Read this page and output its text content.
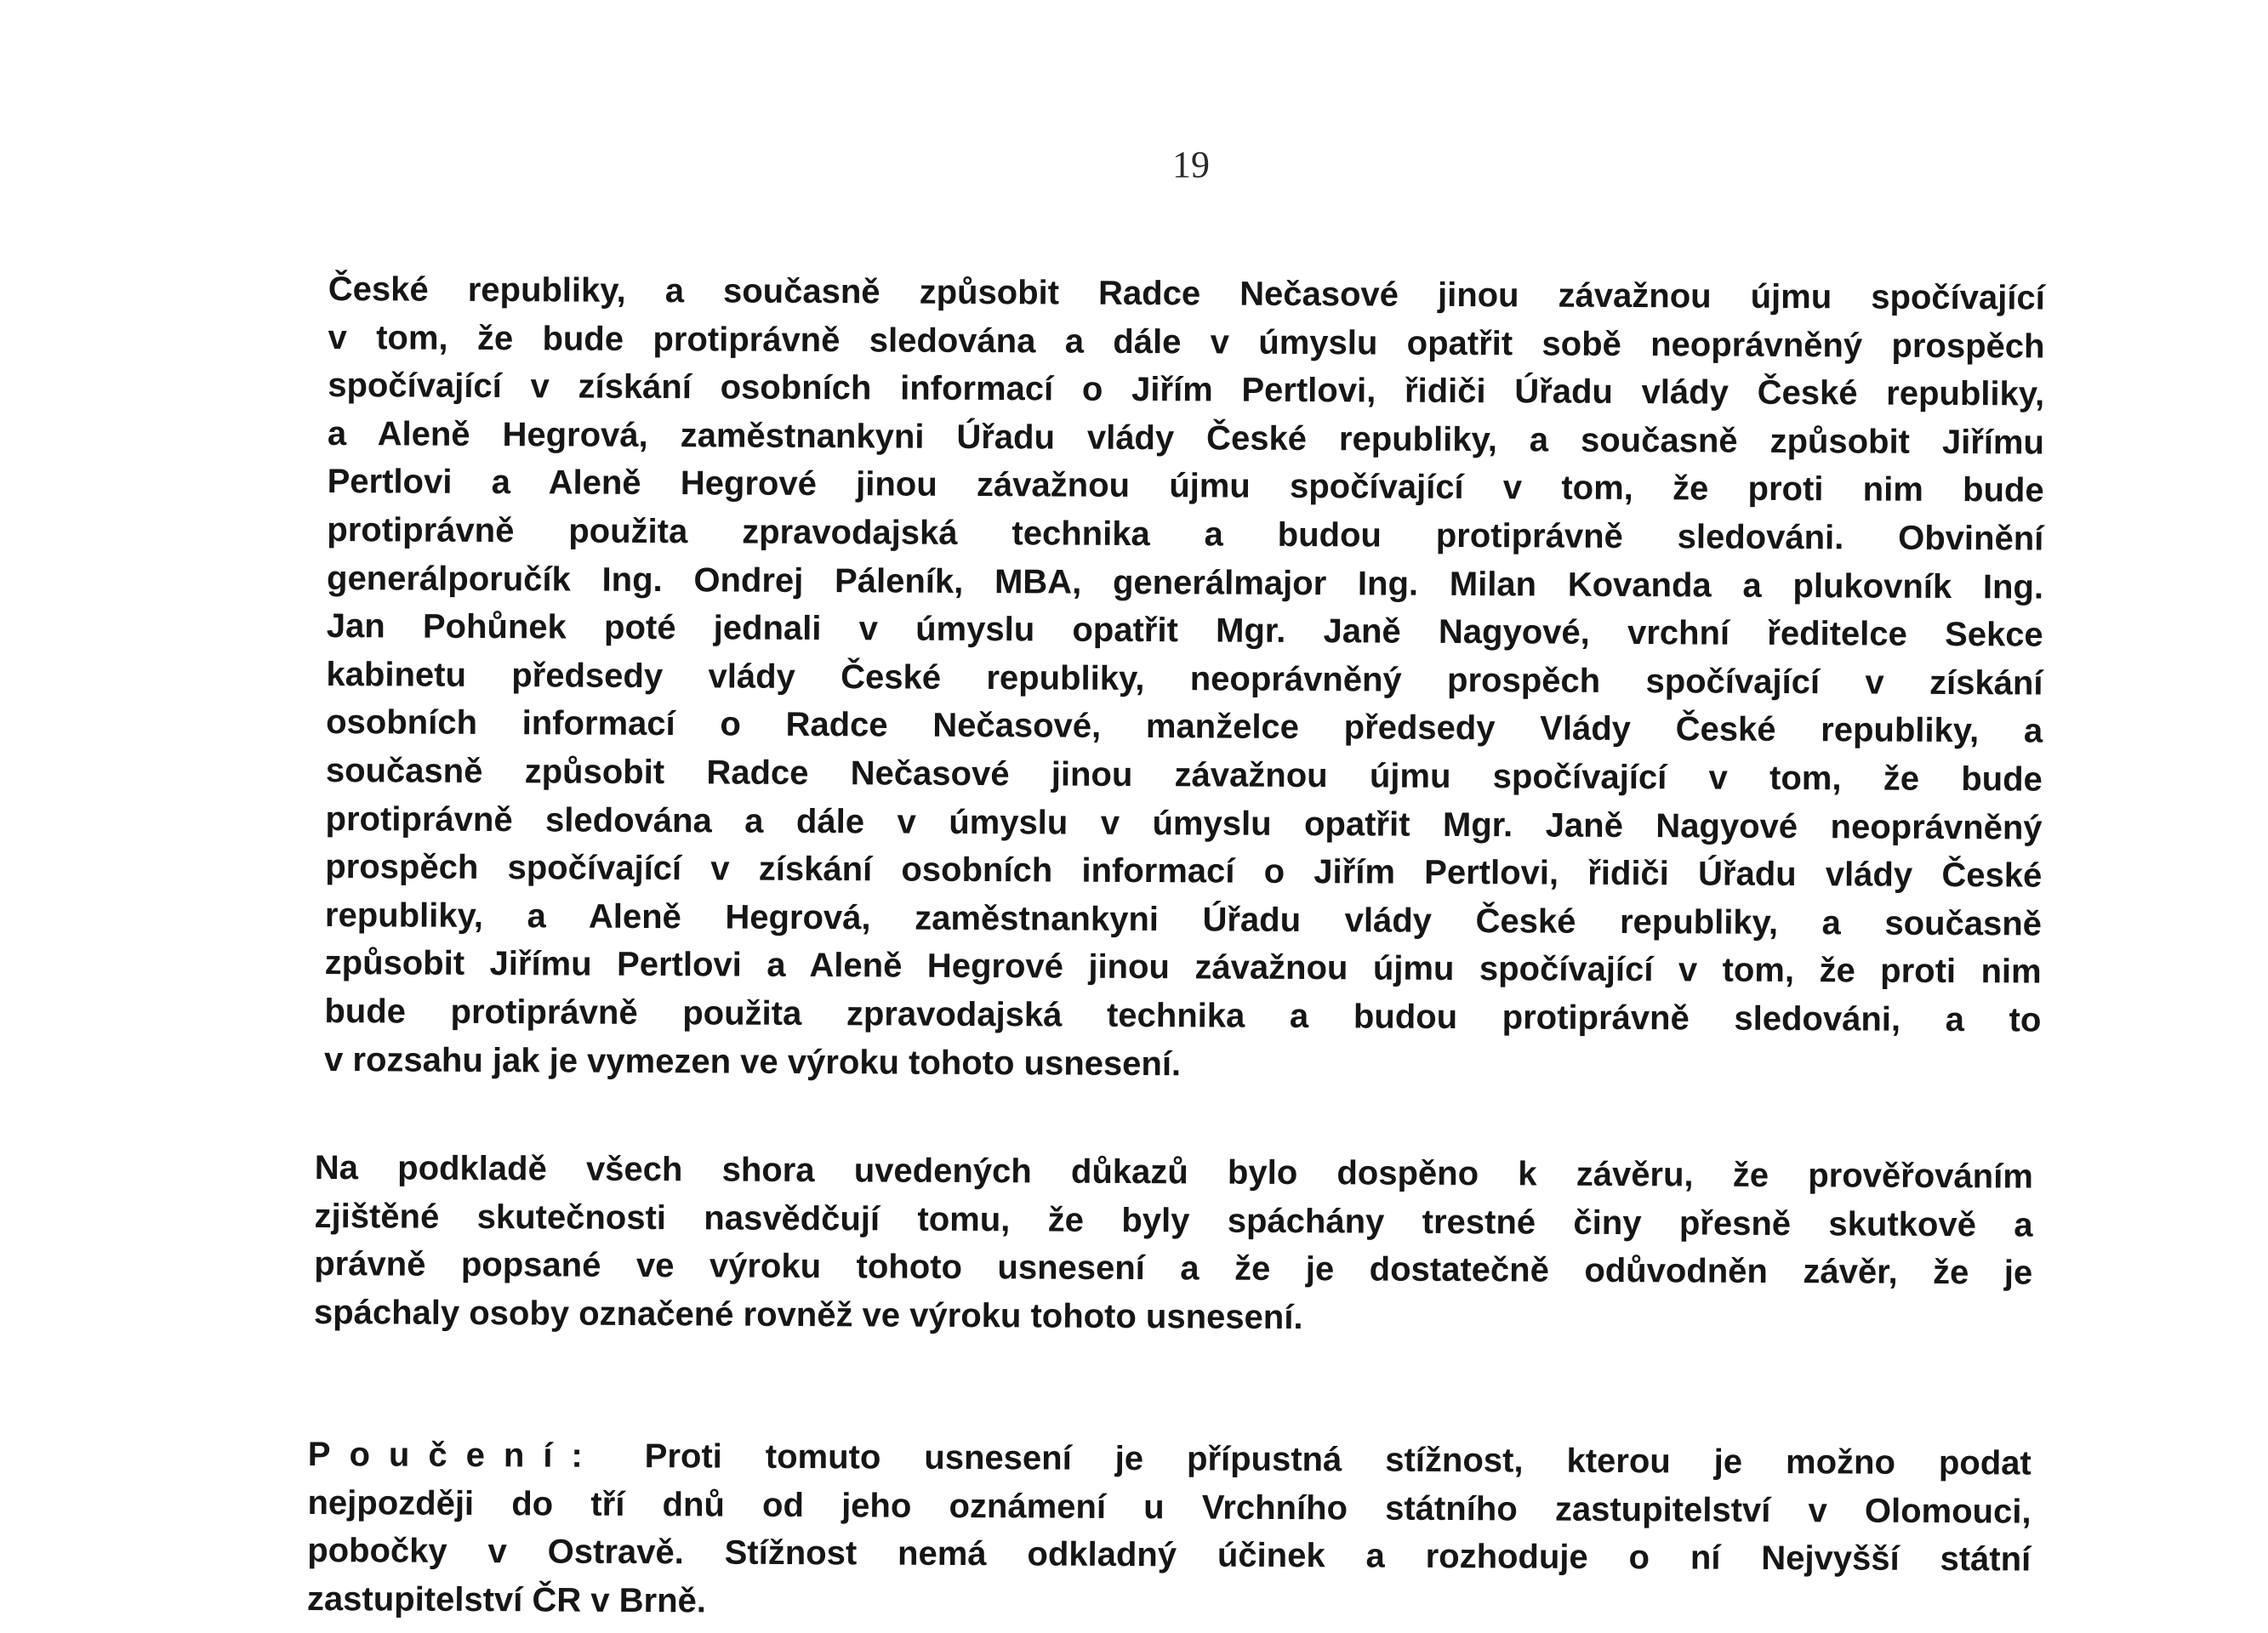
19
České republiky, a současně způsobit Radce Nečasové jinou závažnou újmu spočívající
v tom, že bude protiprávně sledována a dále v úmyslu opatřit sobě neoprávněný prospěch
spočívající v získání osobních informací o Jiřím Pertlovi, řidiči Úřadu vlády České republiky,
a Aleně Hegrová, zaměstnankyni Úřadu vlády České republiky, a současně způsobit Jiřímu
Pertlovi a Aleně Hegrové jinou závažnou újmu spočívající v tom, že proti nim bude
protiprávně použita zpravodajská technika a budou protiprávně sledováni. Obvinění
generálporučík Ing. Ondrej Páleník, MBA, generálmajor Ing. Milan Kovanda a plukovník Ing.
Jan Pohůnek poté jednali v úmyslu opatřit Mgr. Janě Nagyové, vrchní ředitelce Sekce
kabinetu předsedy vlády České republiky, neoprávněný prospěch spočívající v získání
osobních informací o Radce Nečasové, manželce předsedy Vlády České republiky, a
současně způsobit Radce Nečasové jinou závažnou újmu spočívající v tom, že bude
protiprávně sledována a dále v úmyslu v úmyslu opatřit Mgr. Janě Nagyové neoprávněný
prospěch spočívající v získání osobních informací o Jiřím Pertlovi, řidiči Úřadu vlády České
republiky, a Aleně Hegrová, zaměstnankyni Úřadu vlády České republiky, a současně
způsobit Jiřímu Pertlovi a Aleně Hegrové jinou závažnou újmu spočívající v tom, že proti nim
bude protiprávně použita zpravodajská technika a budou protiprávně sledováni, a to
v rozsahu jak je vymezen ve výroku tohoto usnesení.
Na podkladě všech shora uvedených důkazů bylo dospěno k závěru, že prověřováním
zjištěné skutečnosti nasvědčují tomu, že byly spáchány trestné činy přesně skutkově a
právně popsané ve výroku tohoto usnesení a že je dostatečně odůvodněn závěr, že je
spáchaly osoby označené rovněž ve výroku tohoto usnesení.
Poučení: Proti tomuto usnesení je přípustná stížnost, kterou je možno podat
nejpozději do tří dnů od jeho oznámení u Vrchního státního zastupitelství v Olomouci,
pobočky v Ostravě. Stížnost nemá odkladný účinek a rozhoduje o ní Nejvyšší státní
zastupitelství ČR v Brně.
